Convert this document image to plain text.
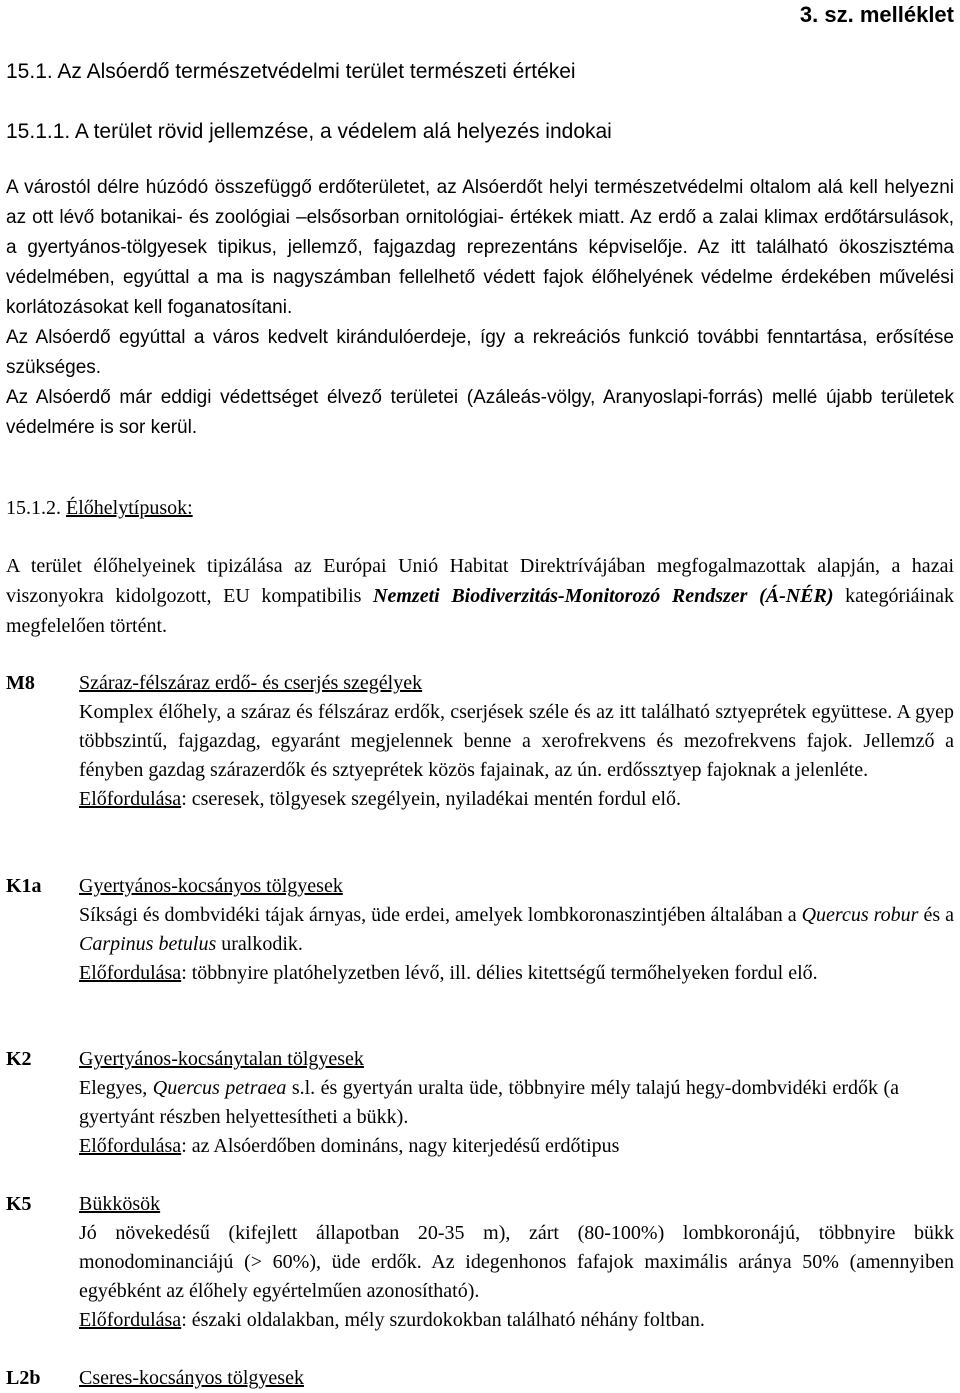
3. sz. melléklet
15.1. Az Alsóerdő természetvédelmi terület természeti értékei
15.1.1. A terület rövid jellemzése, a védelem alá helyezés indokai

A várostól délre húzódó összefüggő erdőterületet, az Alsóerdőt helyi természetvédelmi oltalom alá kell helyezni az ott lévő botanikai- és zoológiai –elsősorban ornitológiai- értékek miatt. Az erdő a zalai klimax erdőtársulások, a gyertyános-tölgyesek tipikus, jellemző, fajgazdag reprezentáns képviselője. Az itt található ökoszisztéma védelmében, egyúttal a ma is nagyszámban fellelhető védett fajok élőhelyének védelme érdekében művelési korlátozásokat kell foganatosítani.

Az Alsóerdő egyúttal a város kedvelt kirándulóerdeje, így a rekreációs funkció további fenntartása, erősítése szükséges.

Az Alsóerdő már eddigi védettséget élvező területei (Azáleás-völgy, Aranyoslapi-forrás) mellé újabb területek védelmére is sor kerül.

15.1.2. Élőhelytípusok:

A terület élőhelyeinek tipizálása az Európai Unió Habitat Direktrívájában megfogalmazottak alapján, a hazai viszonyokra kidolgozott, EU kompatibilis Nemzeti Biodiverzitás-Monitorozó Rendszer (Á-NÉR) kategóriáinak megfelelően történt.

M8 Száraz-félszáraz erdő- és cserjés szegélyek
Komplex élőhely, a száraz és félszáraz erdők, cserjések széle és az itt található sztyeprétek együttese. A gyep többszintű, fajgazdag, egyaránt megjelennek benne a xerofrekvens és mezofrekvens fajok. Jellemző a fényben gazdag szárazerdők és sztyeprétek közös fajainak, az ún. erdőssztyep fajoknak a jelenléte.
Előfordulása: cseresek, tölgyesek szegélyein, nyiladékai mentén fordul elő.
K1a Gyertyános-kocsányos tölgyesek
Síksági és dombvidéki tájak árnyas, üde erdei, amelyek lombkoronaszintjében általában a Quercus robur és a Carpinus betulus uralkodik.
Előfordulása: többnyire platóhelyzetben lévő, ill. délies kitettségű termőhelyeken fordul elő.
K2 Gyertyános-kocsánytalan tölgyesek
Elegyes, Quercus petraea s.l. és gyertyán uralta üde, többnyire mély talajú hegy-dombvidéki erdők (a gyertyánt részben helyettesítheti a bükk).
Előfordulása: az Alsóerdőben domináns, nagy kiterjedésű erdőtipus
K5 Bükkösök
Jó növekedésű (kifejlett állapotban 20-35 m), zárt (80-100%) lombkoronájú, többnyire bükk monodominanciájú (> 60%), üde erdők. Az idegenhonos fafajok maximális aránya 50% (amennyiben egyébként az élőhely egyértelműen azonosítható).
Előfordulása: északi oldalakban, mély szurdokokban található néhány foltban.
L2b Cseres-kocsányos tölgyesek
